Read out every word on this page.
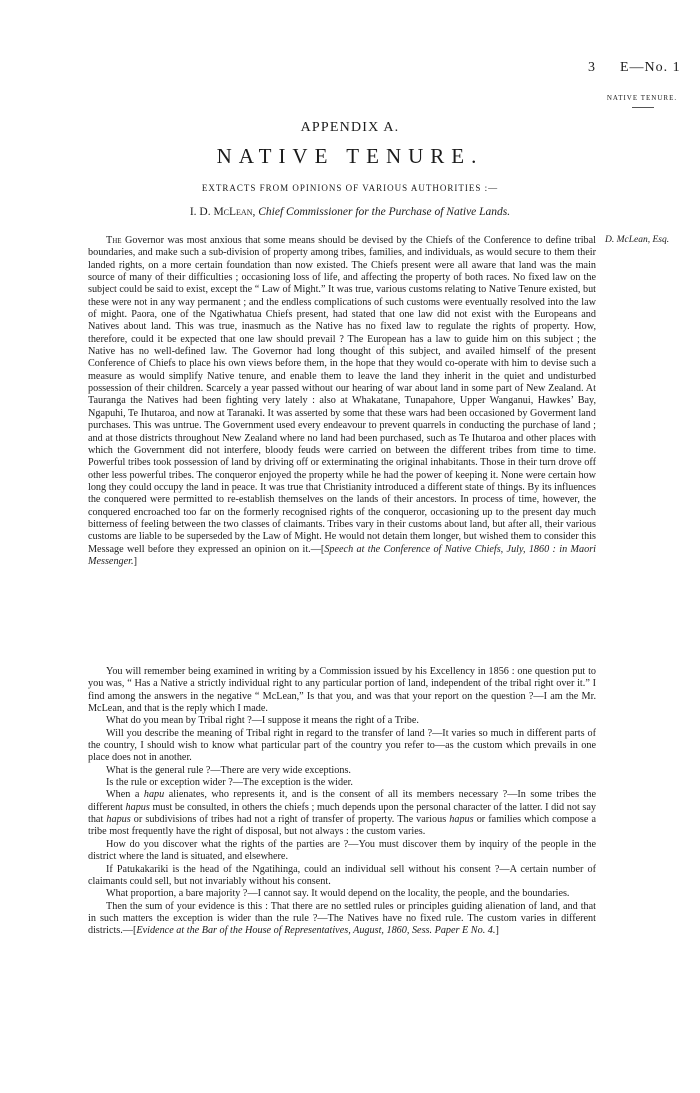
3 E—No. 1
NATIVE TENURE.
APPENDIX A.
NATIVE TENURE.
EXTRACTS FROM OPINIONS OF VARIOUS AUTHORITIES :—
I. D. McLean, Chief Commissioner for the Purchase of Native Lands.
D. McLean, Esq.

The Governor was most anxious that some means should be devised by the Chiefs of the Conference to define tribal boundaries, and make such a sub-division of property among tribes, families, and individuals, as would secure to them their landed rights, on a more certain foundation than now existed. The Chiefs present were all aware that land was the main source of many of their difficulties ; occasioning loss of life, and affecting the property of both races. No fixed law on the subject could be said to exist, except the “ Law of Might.” It was true, various customs relating to Native Tenure existed, but these were not in any way permanent ; and the endless complications of such customs were eventually resolved into the law of might. Paora, one of the Ngatiwhatua Chiefs present, had stated that one law did not exist with the Europeans and Natives about land. This was true, inasmuch as the Native has no fixed law to regulate the rights of property. How, therefore, could it be expected that one law should prevail ? The European has a law to guide him on this subject ; the Native has no well-defined law. The Governor had long thought of this subject, and availed himself of the present Conference of Chiefs to place his own views before them, in the hope that they would co-operate with him to devise such a measure as would simplify Native tenure, and enable them to leave the land they inherit in the quiet and undisturbed possession of their children. Scarcely a year passed without our hearing of war about land in some part of New Zealand. At Tauranga the Natives had been fighting very lately : also at Whakatane, Tunapahore, Upper Wanganui, Hawkes’ Bay, Ngapuhi, Te Ihutaroa, and now at Taranaki. It was asserted by some that these wars had been occasioned by Goverment land purchases. This was untrue. The Government used every endeavour to prevent quarrels in conducting the purchase of land ; and at those districts throughout New Zealand where no land had been purchased, such as Te Ihutaroa and other places with which the Government did not interfere, bloody feuds were carried on between the different tribes from time to time. Powerful tribes took possession of land by driving off or exterminating the original inhabitants. Those in their turn drove off other less powerful tribes. The conqueror enjoyed the property while he had the power of keeping it. None were certain how long they could occupy the land in peace. It was true that Christianity introduced a different state of things. By its influences the conquered were permitted to re-establish themselves on the lands of their ancestors. In process of time, however, the conquered encroached too far on the formerly recognised rights of the conqueror, occasioning up to the present day much bitterness of feeling between the two classes of claimants. Tribes vary in their customs about land, but after all, their various customs are liable to be superseded by the Law of Might. He would not detain them longer, but wished them to consider this Message well before they expressed an opinion on it.—[Speech at the Conference of Native Chiefs, July, 1860 : in Maori Messenger.]

You will remember being examined in writing by a Commission issued by his Excellency in 1856 : one question put to you was, “ Has a Native a strictly individual right to any particular portion of land, independent of the tribal right over it.” I find among the answers in the negative “ McLean,” Is that you, and was that your report on the question ?—I am the Mr. McLean, and that is the reply which I made.

What do you mean by Tribal right ?—I suppose it means the right of a Tribe.

Will you describe the meaning of Tribal right in regard to the transfer of land ?—It varies so much in different parts of the country, I should wish to know what particular part of the country you refer to—as the custom which prevails in one place does not in another.

What is the general rule ?—There are very wide exceptions.

Is the rule or exception wider ?—The exception is the wider.

When a hapu alienates, who represents it, and is the consent of all its members necessary ?—In some tribes the different hapus must be consulted, in others the chiefs ; much depends upon the personal character of the latter. I did not say that hapus or subdivisions of tribes had not a right of transfer of property. The various hapus or families which compose a tribe most frequently have the right of disposal, but not always : the custom varies.

How do you discover what the rights of the parties are ?—You must discover them by inquiry of the people in the district where the land is situated, and elsewhere.

If Patukakariki is the head of the Ngatihinga, could an individual sell without his consent ?—A certain number of claimants could sell, but not invariably without his consent.

What proportion, a bare majority ?—I cannot say. It would depend on the locality, the people, and the boundaries.

Then the sum of your evidence is this : That there are no settled rules or principles guiding alienation of land, and that in such matters the exception is wider than the rule ?—The Natives have no fixed rule. The custom varies in different districts.—[Evidence at the Bar of the House of Representatives, August, 1860, Sess. Paper E No. 4.]
